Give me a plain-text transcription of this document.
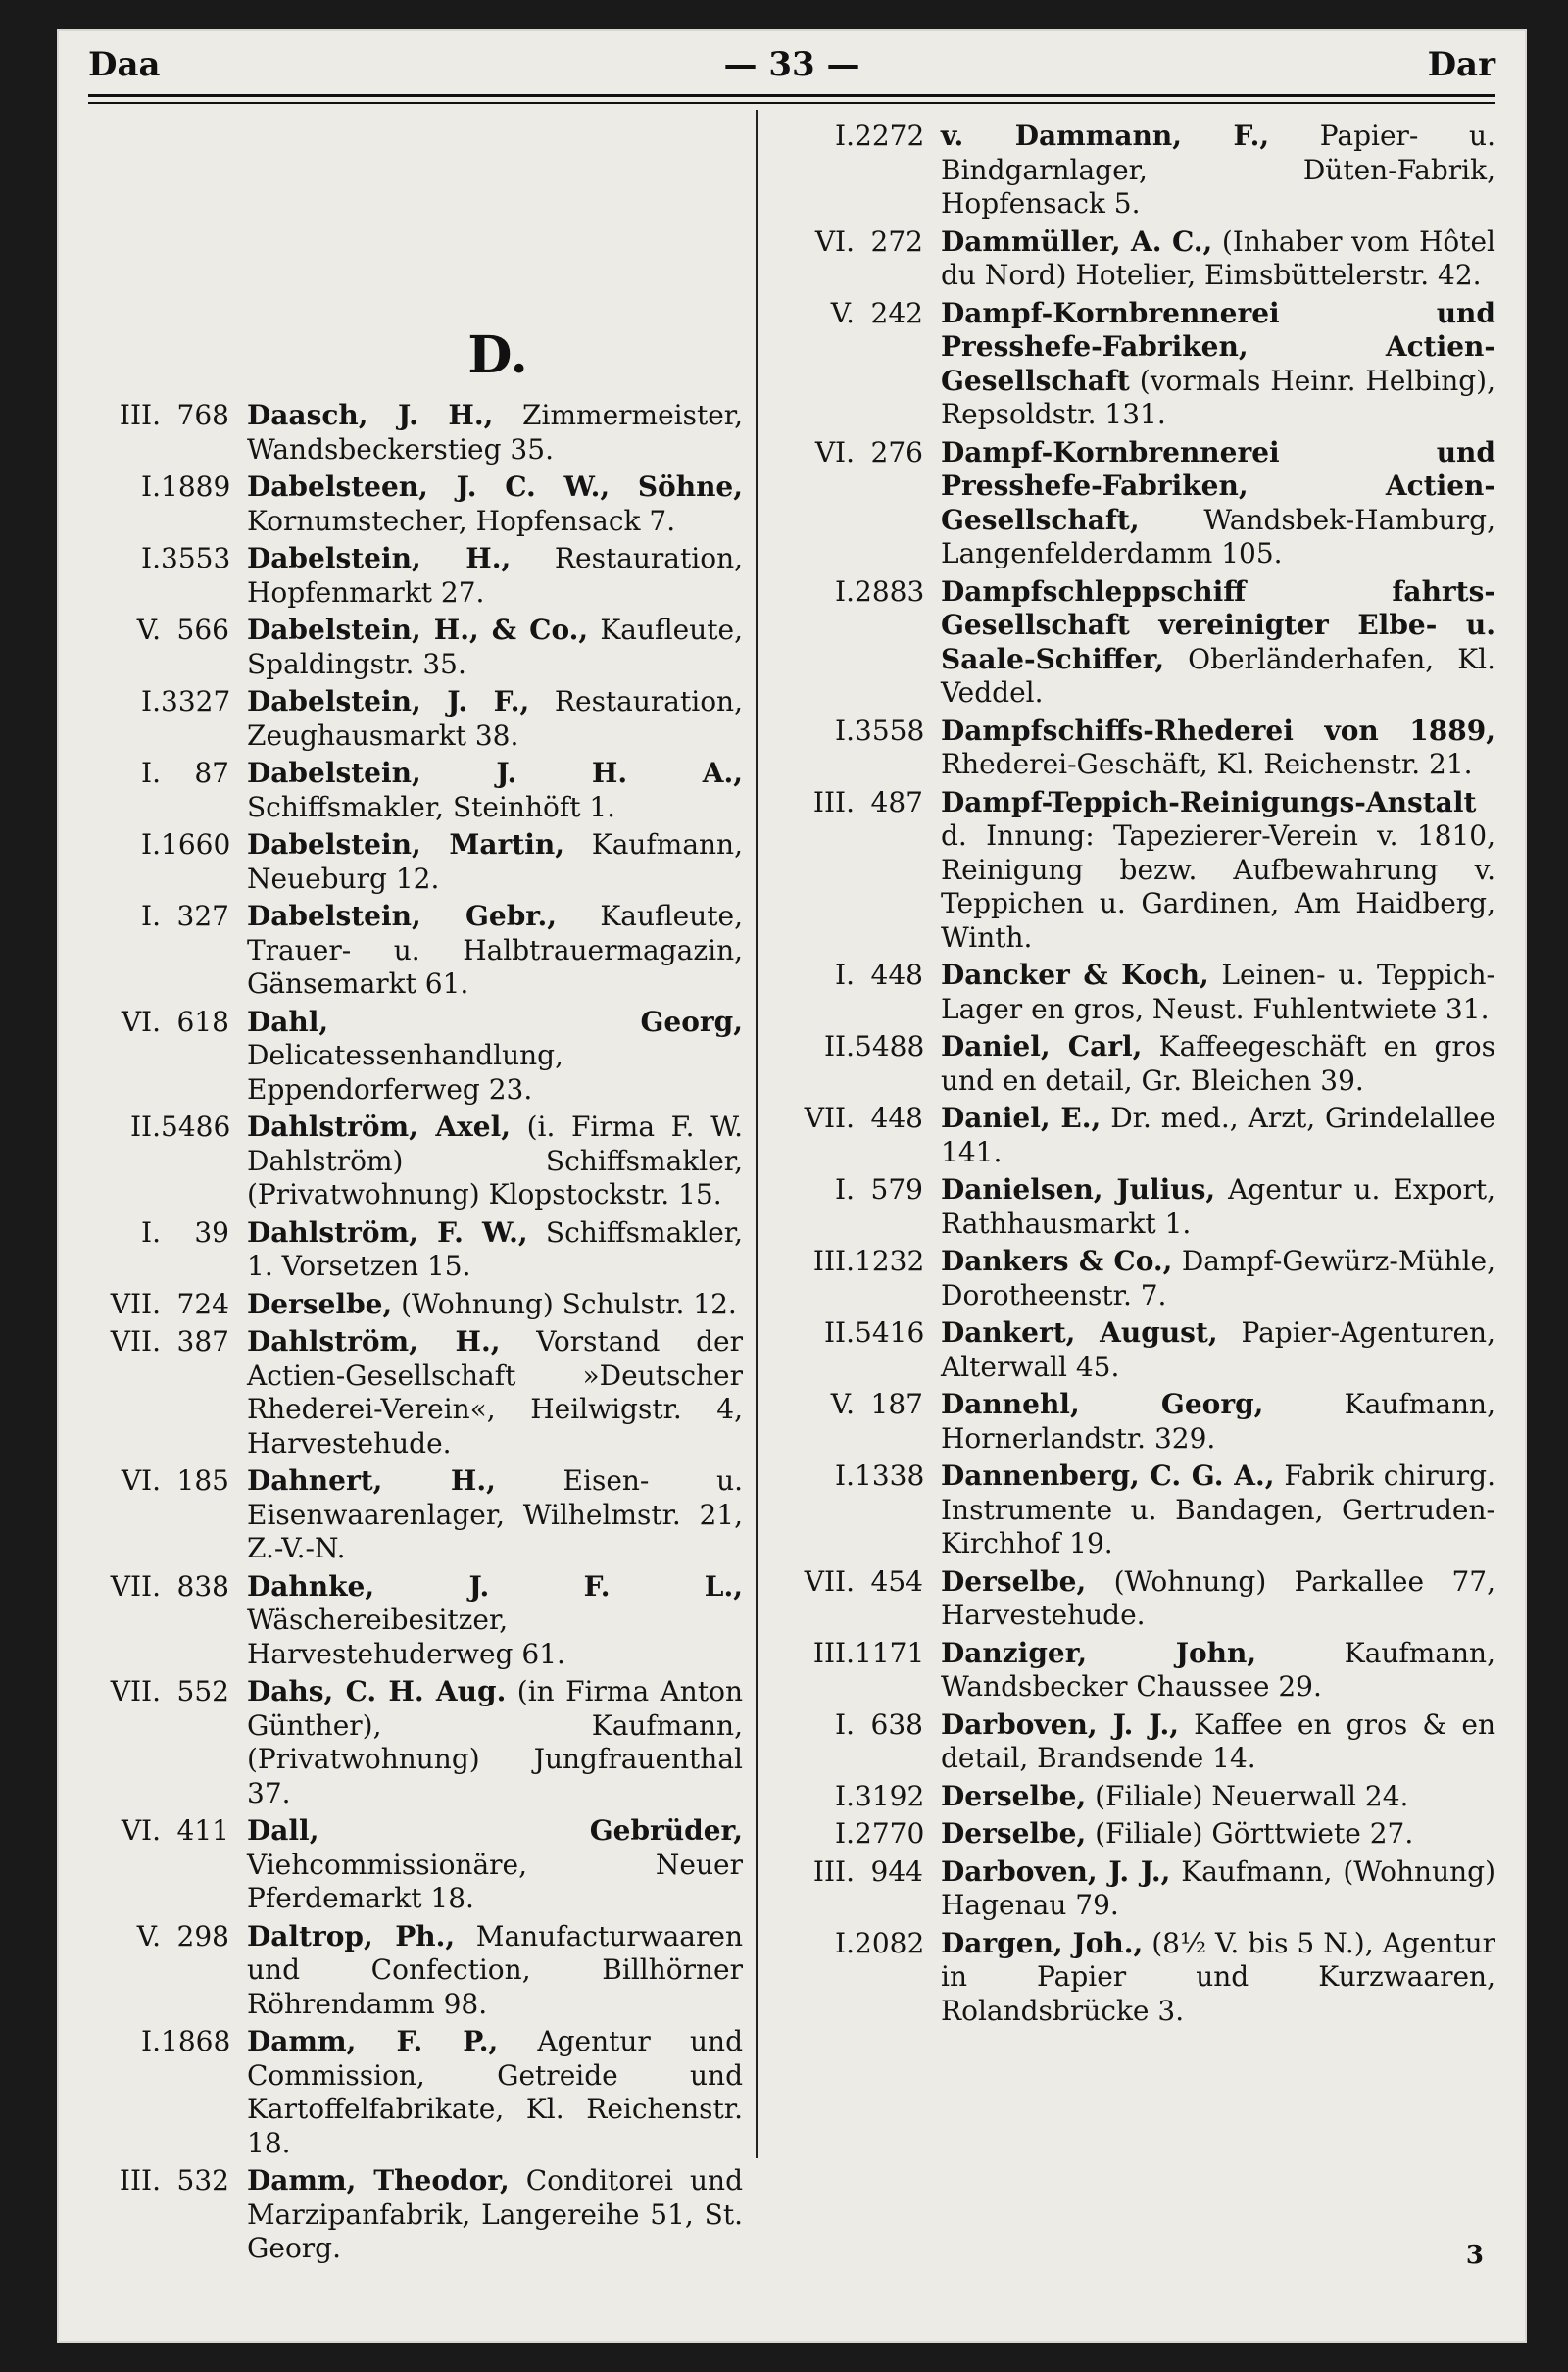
Daa	— 33 —	Dar
D.
III. 768 Daasch, J. H., Zimmermeister, Wandsbeckerstieg 35.
I. 1889 Dabelsteen, J. C. W., Söhne, Kornumstecher, Hopfensack 7.
I. 3553 Dabelstein, H., Restauration, Hopfenmarkt 27.
V. 566 Dabelstein, H., & Co., Kaufleute, Spaldingstr. 35.
I. 3327 Dabelstein, J. F., Restauration, Zeughausmarkt 38.
I.	87 Dabelstein, J. H. A., Schiffsmakler, Steinhöft 1.
I. 1660 Dabelstein, Martin, Kaufmann, Neueburg 12.
I. 327 Dabelstein, Gebr., Kaufleute, Trauer- u. Halbtrauermagazin, Gänsemarkt 61.
VI. 618 Dahl, Georg, Delicatessenhandlung, Eppendorferweg 23.
II. 5486 Dahlström, Axel, (i. Firma F. W. Dahlström) Schiffsmakler, (Privatwohnung) Klopstockstr. 15.
I.	39 Dahlström, F. W., Schiffsmakler, 1. Vorsetzen 15.
VII. 724 Derselbe, (Wohnung) Schulstr. 12.
VII. 387 Dahlström, H., Vorstand der Actien-Gesellschaft »Deutscher Rhederei-Verein«, Heilwigstr. 4, Harvestehude.
VI. 185 Dahnert, H., Eisen- u. Eisenwaarenlager, Wilhelmstr. 21, Z.-V.-N.
VII. 838 Dahnke, J. F. L., Wäschereibesitzer, Harvestehuderweg 61.
VII. 552 Dahs, C. H. Aug. (in Firma Anton Günther), Kaufmann, (Privatwohnung) Jungfrauenthal 37.
VI. 411 Dall, Gebrüder, Viehcommissionäre, Neuer Pferdemarkt 18.
V. 298 Daltrop, Ph., Manufacturwaaren und Confection, Billhörner Röhrendamm 98.
I. 1868 Damm, F. P., Agentur und Commission, Getreide und Kartoffelfabrikate, Kl. Reichenstr. 18.
III. 532 Damm, Theodor, Conditorei und Marzipanfabrik, Langereihe 51, St. Georg.
I. 2272 v. Dammann, F., Papier- u. Bindgarnlager, Düten-Fabrik, Hopfensack 5.
VI. 272 Dammüller, A. C., (Inhaber vom Hôtel du Nord) Hotelier, Eimsbüttelerstr. 42.
V. 242 Dampf-Kornbrennerei und Presshefe-Fabriken, Actien-Gesellschaft (vormals Heinr. Helbing), Repsoldstr. 131.
VI. 276 Dampf-Kornbrennerei und Presshefe-Fabriken, Actien-Gesellschaft, Wandsbek-Hamburg, Langenfelderdamm 105.
I. 2883 Dampfschleppschiff fahrts-Gesellschaft vereinigter Elbe- u. Saale-Schiffer, Oberländerhafen, Kl. Veddel.
I. 3558 Dampfschiffs-Rhederei von 1889, Rhederei-Geschäft, Kl. Reichenstr. 21.
III. 487 Dampf-Teppich-Reinigungs-Anstalt d. Innung: Tapezierer-Verein v. 1810, Reinigung bezw. Aufbewahrung v. Teppichen u. Gardinen, Am Haidberg, Winth.
I. 448 Dancker & Koch, Leinen- u. Teppich-Lager en gros, Neust. Fuhlentwiete 31.
II. 5488 Daniel, Carl, Kaffeegeschäft en gros und en detail, Gr. Bleichen 39.
VII. 448 Daniel, E., Dr. med., Arzt, Grindelallee 141.
I. 579 Danielsen, Julius, Agentur u. Export, Rathhausmarkt 1.
III. 1232 Dankers & Co., Dampf-Gewürz-Mühle, Dorotheenstr. 7.
II. 5416 Dankert, August, Papier-Agenturen, Alterwall 45.
V. 187 Dannehl, Georg, Kaufmann, Hornerlandstr. 329.
I. 1338 Dannenberg, C. G. A., Fabrik chirurg. Instrumente u. Bandagen, Gertruden-Kirchhof 19.
VII. 454 Derselbe, (Wohnung) Parkallee 77, Harvestehude.
III. 1171 Danziger, John, Kaufmann, Wandsbecker Chaussee 29.
I. 638 Darboven, J. J., Kaffee en gros & en detail, Brandsende 14.
I. 3192 Derselbe, (Filiale) Neuerwall 24.
I. 2770 Derselbe, (Filiale) Görttwiete 27.
III. 944 Darboven, J. J., Kaufmann, (Wohnung) Hagenau 79.
I. 2082 Dargen, Joh., (8½ V. bis 5 N.), Agentur in Papier und Kurzwaaren, Rolandsbrücke 3.
3
